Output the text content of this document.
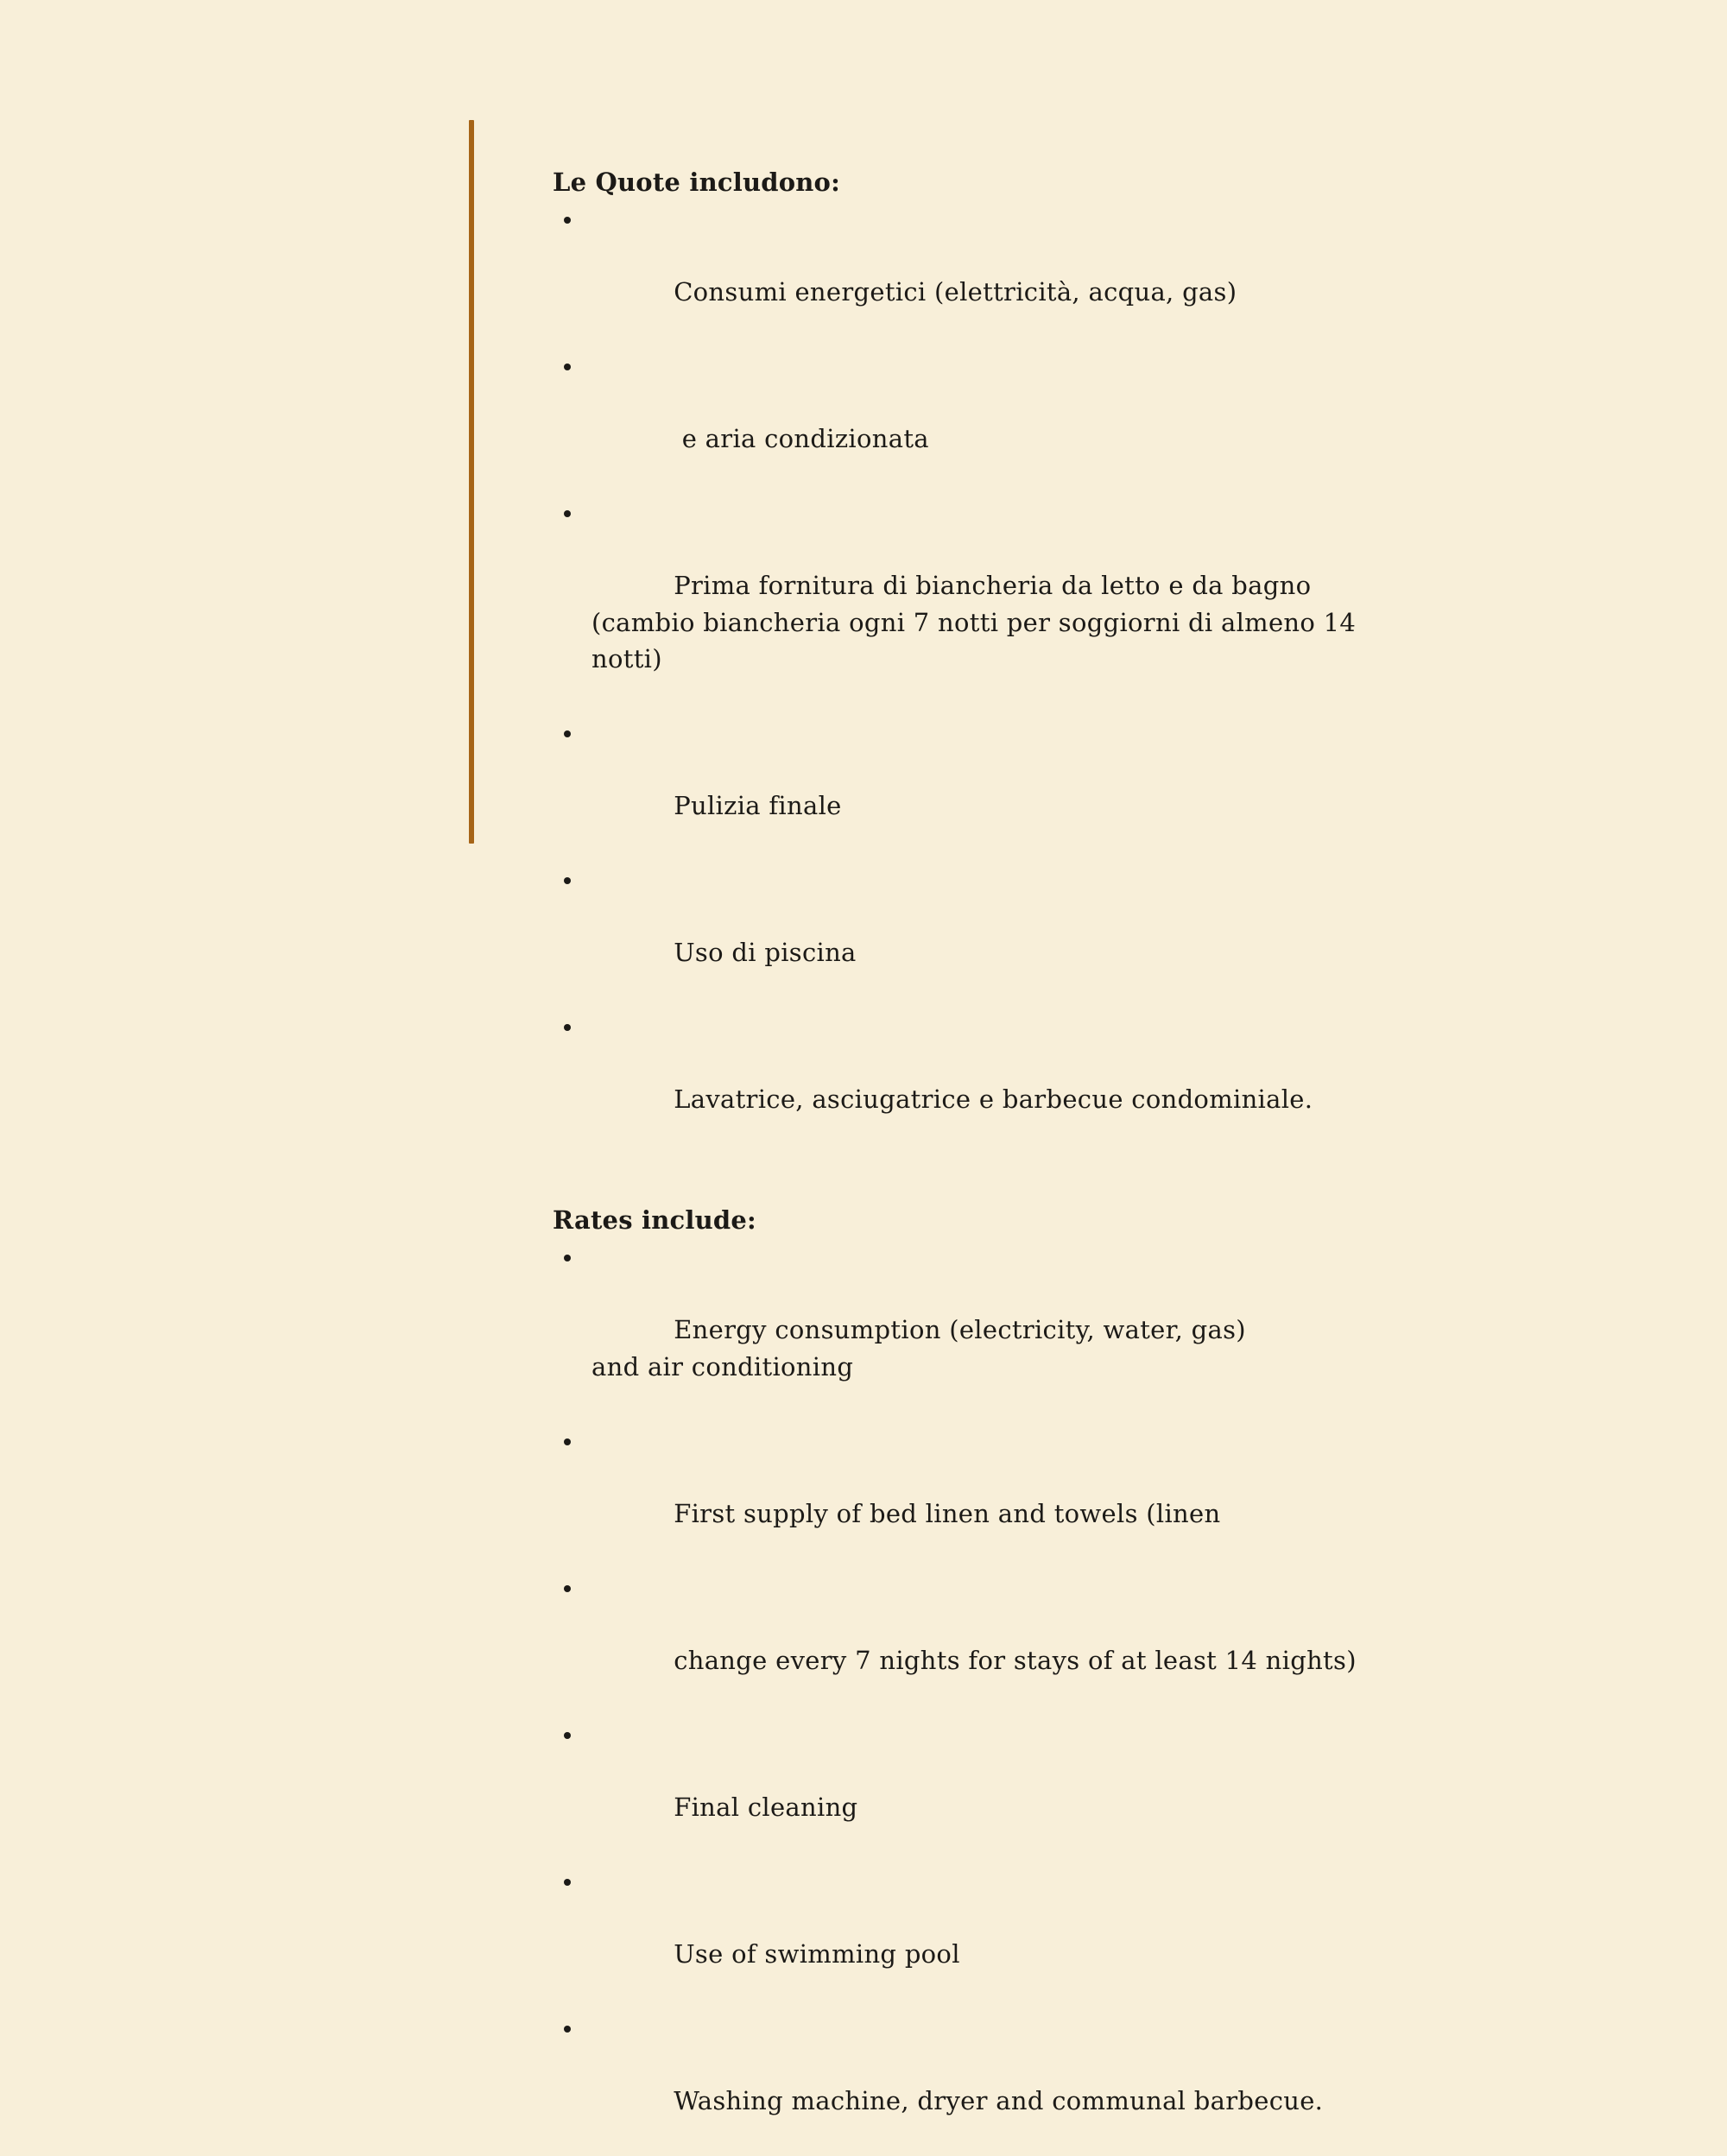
Le Quote includono:

Consumi energetici (elettricità, acqua, gas)

e aria condizionata

Prima fornitura di biancheria da letto e da bagno (cambio biancheria ogni 7 notti per soggiorni di almeno 14 notti)

Pulizia finale

Uso di piscina

Lavatrice, asciugatrice e barbecue condominiale.

Rates include:

Energy consumption (electricity, water, gas) and air conditioning

First supply of bed linen and towels (linen

change every 7 nights for stays of at least 14 nights)

Final cleaning

Use of swimming pool

Washing machine, dryer and communal barbecue.
